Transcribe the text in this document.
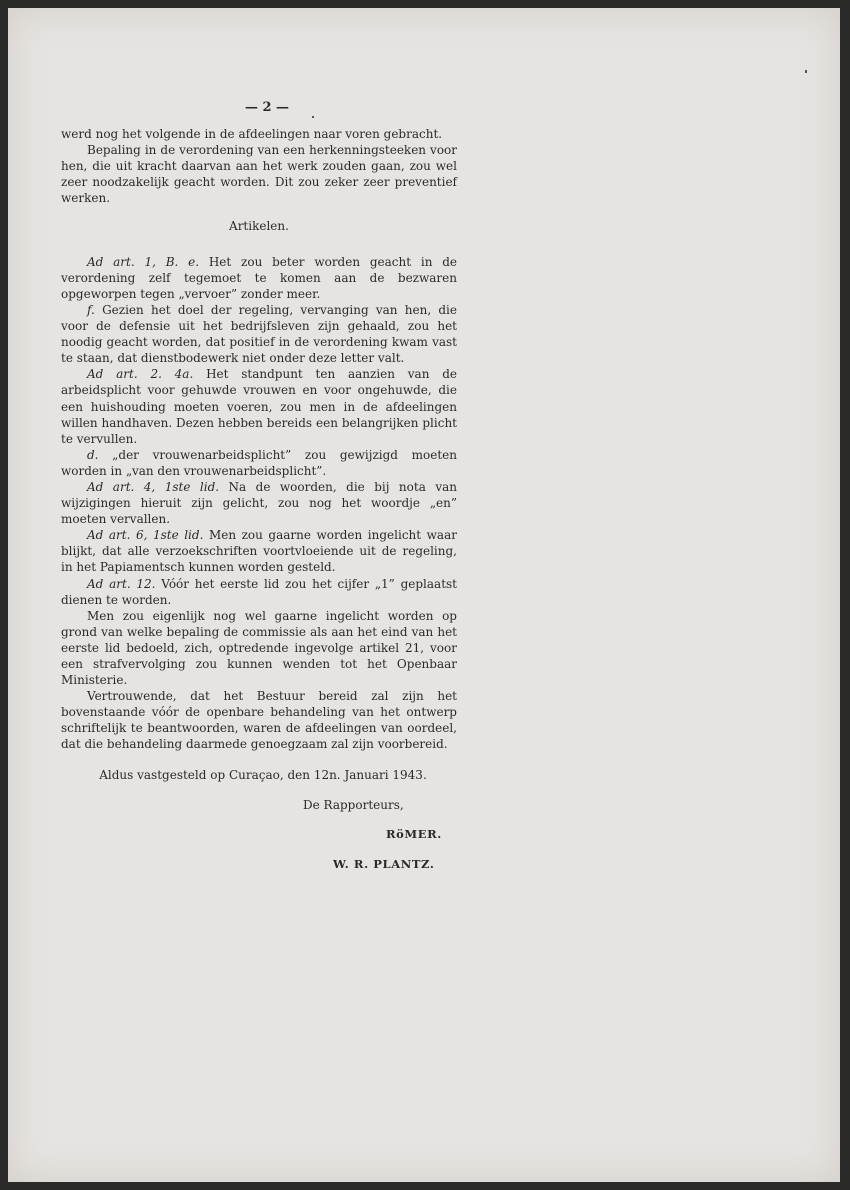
— 2 —

werd nog het volgende in de afdeelingen naar voren gebracht.

Bepaling in de verordening van een herkenningsteeken voor hen, die uit kracht daarvan aan het werk zouden gaan, zou wel zeer noodzakelijk geacht worden. Dit zou zeker zeer preventief werken.

Artikelen.

Ad art. 1, B. e. Het zou beter worden geacht in de verordening zelf tegemoet te komen aan de bezwaren opgeworpen tegen „vervoer” zonder meer.

f. Gezien het doel der regeling, vervanging van hen, die voor de defensie uit het bedrijfsleven zijn gehaald, zou het noodig geacht worden, dat positief in de verordening kwam vast te staan, dat dienstbodewerk niet onder deze letter valt.

Ad art. 2. 4a. Het standpunt ten aanzien van de arbeidsplicht voor gehuwde vrouwen en voor ongehuwde, die een huishouding moeten voeren, zou men in de afdeelingen willen handhaven. Dezen hebben bereids een belangrijken plicht te vervullen.

d. „der vrouwenarbeidsplicht” zou gewijzigd moeten worden in „van den vrouwenarbeidsplicht”.

Ad art. 4, 1ste lid. Na de woorden, die bij nota van wijzigingen hieruit zijn gelicht, zou nog het woordje „en” moeten vervallen.

Ad art. 6, 1ste lid. Men zou gaarne worden ingelicht waar blijkt, dat alle verzoekschriften voortvloeiende uit de regeling, in het Papiamentsch kunnen worden gesteld.

Ad art. 12. Vóór het eerste lid zou het cijfer „1” geplaatst dienen te worden.

Men zou eigenlijk nog wel gaarne ingelicht worden op grond van welke bepaling de commissie als aan het eind van het eerste lid bedoeld, zich, optredende ingevolge artikel 21, voor een strafvervolging zou kunnen wenden tot het Openbaar Ministerie.

Vertrouwende, dat het Bestuur bereid zal zijn het bovenstaande vóór de openbare behandeling van het ontwerp schriftelijk te beantwoorden, waren de afdeelingen van oordeel, dat die behandeling daarmede genoegzaam zal zijn voorbereid.

Aldus vastgesteld op Curaçao, den 12n. Januari 1943.

De Rapporteurs,

RöMER.

W. R. PLANTZ.
